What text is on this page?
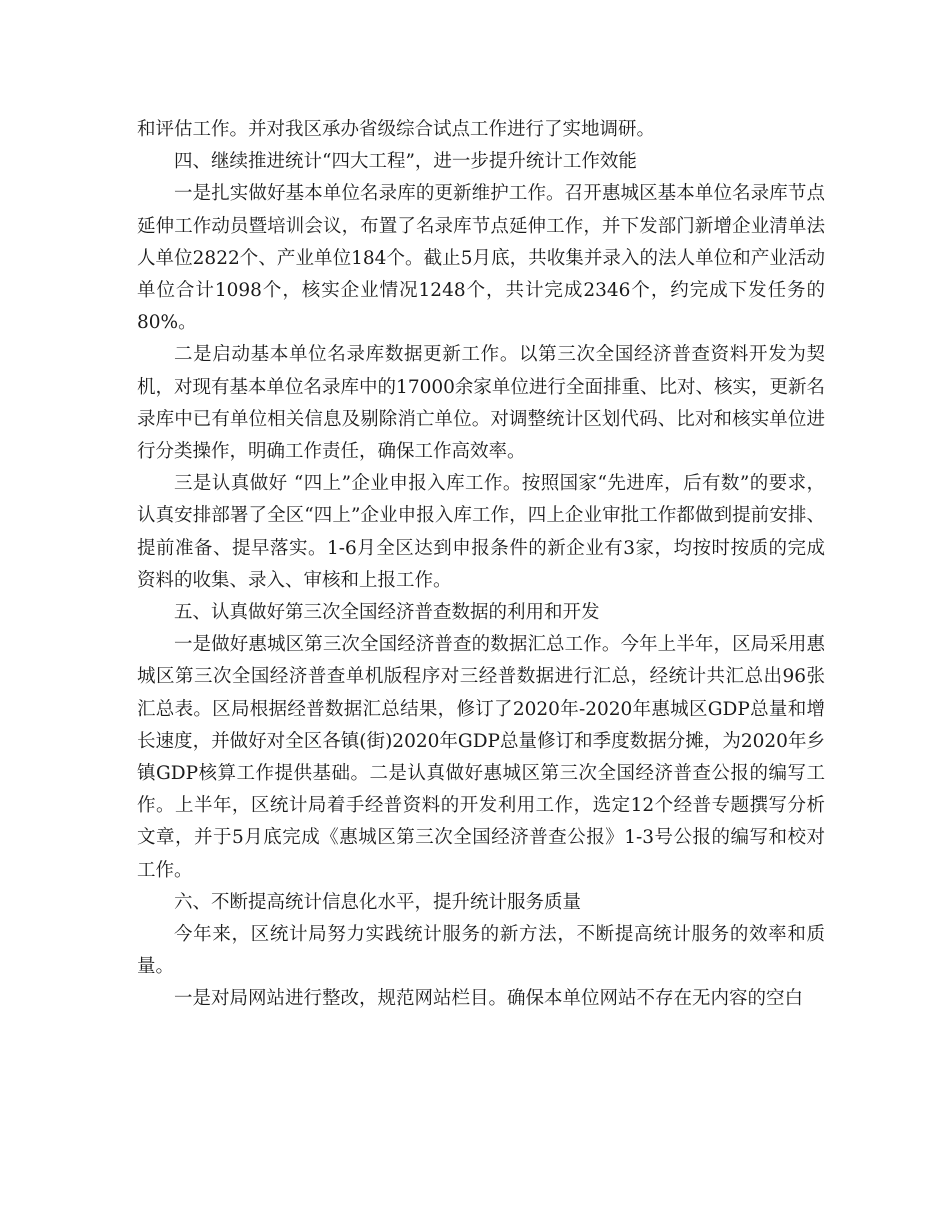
和评估工作。并对我区承办省级综合试点工作进行了实地调研。

四、继续推进统计“四大工程”，进一步提升统计工作效能

一是扎实做好基本单位名录库的更新维护工作。召开惠城区基本单位名录库节点延伸工作动员暨培训会议，布置了名录库节点延伸工作，并下发部门新增企业清单法人单位2822个、产业单位184个。截止5月底，共收集并录入的法人单位和产业活动单位合计1098个，核实企业情况1248个，共计完成2346个，约完成下发任务的80%。

二是启动基本单位名录库数据更新工作。以第三次全国经济普查资料开发为契机，对现有基本单位名录库中的17000余家单位进行全面排重、比对、核实，更新名录库中已有单位相关信息及剔除消亡单位。对调整统计区划代码、比对和核实单位进行分类操作，明确工作责任，确保工作高效率。

三是认真做好 “四上”企业申报入库工作。按照国家“先进库，后有数”的要求，认真安排部署了全区“四上”企业申报入库工作，四上企业审批工作都做到提前安排、提前准备、提早落实。1-6月全区达到申报条件的新企业有3家，均按时按质的完成资料的收集、录入、审核和上报工作。

五、认真做好第三次全国经济普查数据的利用和开发

一是做好惠城区第三次全国经济普查的数据汇总工作。今年上半年，区局采用惠城区第三次全国经济普查单机版程序对三经普数据进行汇总，经统计共汇总出96张汇总表。区局根据经普数据汇总结果，修订了2020年-2020年惠城区GDP总量和增长速度，并做好对全区各镇(街)2020年GDP总量修订和季度数据分摊，为2020年乡镇GDP核算工作提供基础。二是认真做好惠城区第三次全国经济普查公报的编写工作。上半年，区统计局着手经普资料的开发利用工作，选定12个经普专题撰写分析文章，并于5月底完成《惠城区第三次全国经济普查公报》1-3号公报的编写和校对工作。

六、不断提高统计信息化水平，提升统计服务质量

今年来，区统计局努力实践统计服务的新方法，不断提高统计服务的效率和质量。

一是对局网站进行整改，规范网站栏目。确保本单位网站不存在无内容的空白
